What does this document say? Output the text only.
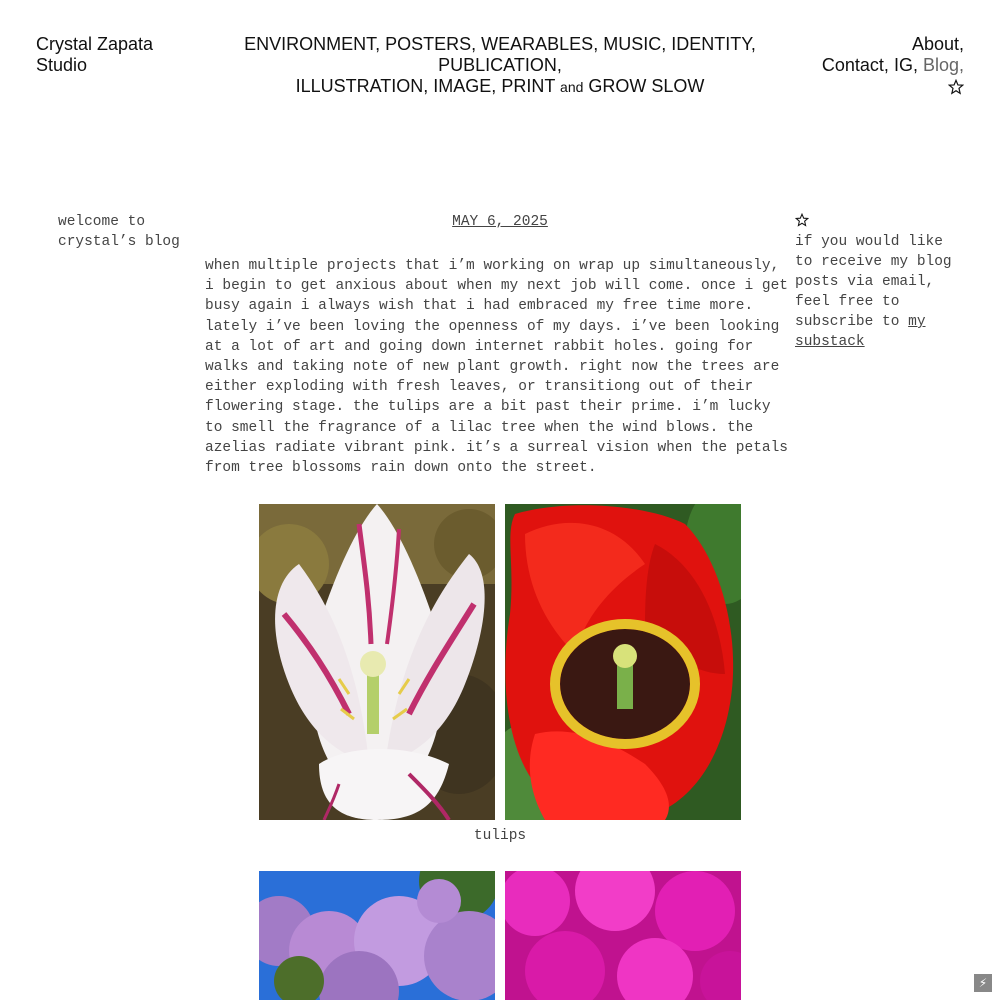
Crystal Zapata Studio
ENVIRONMENT, POSTERS, WEARABLES, MUSIC, IDENTITY, PUBLICATION,
ILLUSTRATION, IMAGE, PRINT and GROW SLOW
About,
Contact, IG, Blog,
welcome to crystal’s blog
MAY 6, 2025
when multiple projects that i’m working on wrap up simultaneously, i begin to get anxious about when my next job will come. once i get busy again i always wish that i had embraced my free time more. lately i’ve been loving the openness of my days. i’ve been looking at a lot of art and going down internet rabbit holes. going for walks and taking note of new plant growth. right now the trees are either exploding with fresh leaves, or transitiong out of their flowering stage. the tulips are a bit past their prime. i’m lucky to smell the fragrance of a lilac tree when the wind blows. the azelias radiate vibrant pink. it’s a surreal vision when the petals from tree blossoms rain down onto the street.

if you would like to receive my blog posts via email, feel free to subscribe to my substack
tulips
⚡
